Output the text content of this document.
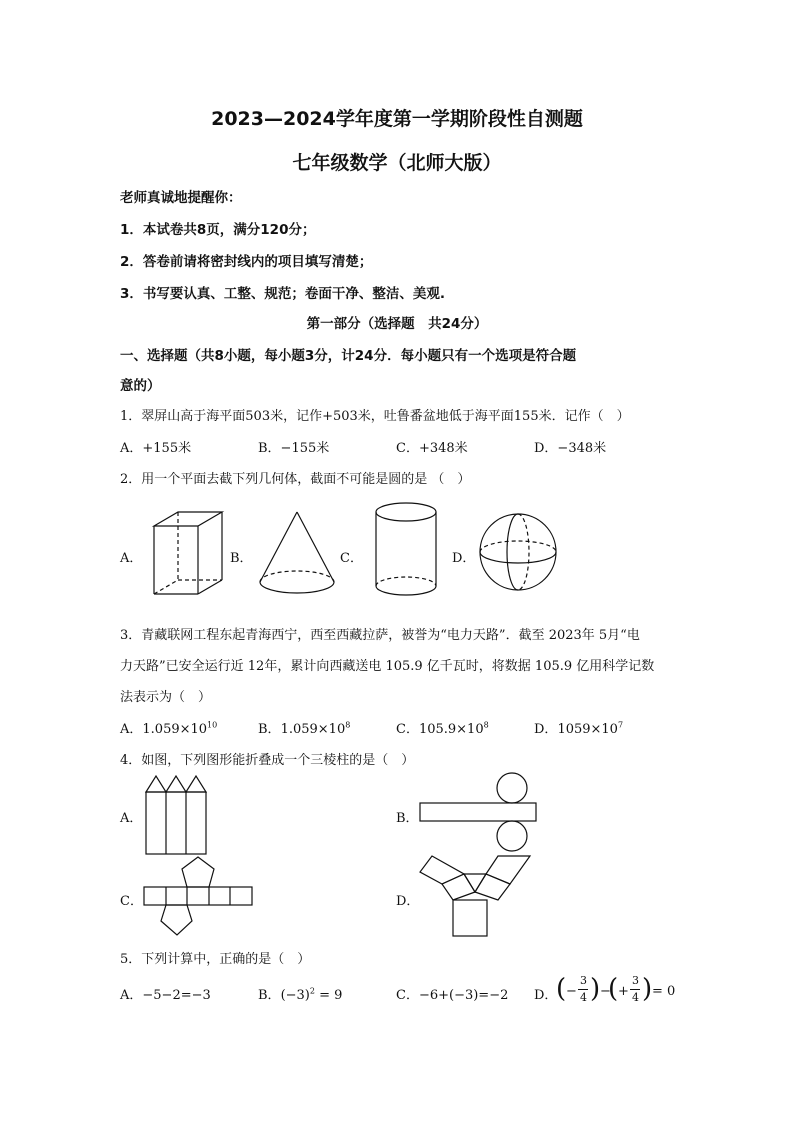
2023—2024学年度第一学期阶段性自测题
七年级数学（北师大版）
老师真诚地提醒你：
1．本试卷共8页，满分120分；
2．答卷前请将密封线内的项目填写清楚；
3．书写要认真、工整、规范；卷面干净、整洁、美观.
第一部分（选择题　共24分）
一、选择题（共8小题，每小题3分，计24分．每小题只有一个选项是符合题
意的）
1．翠屏山高于海平面503米，记作+503米，吐鲁番盆地低于海平面155米．记作（　）
A．+155米	B．−155米	C．+348米	D．−348米
2．用一个平面去截下列几何体，截面不可能是圆的是 （　）
A．	B．	C．	D．
3．青藏联网工程东起青海西宁，西至西藏拉萨，被誉为“电力天路”．截至 2023年 5月“电
力天路”已安全运行近 12年，累计向西藏送电 105.9 亿千瓦时，将数据 105.9 亿用科学记数
法表示为（　）
A．$1.059\times 10^{10}$	B．$1.059\times 10^8$	C．$105.9\times 10^8$	D．$1059\times 10^7$
4．如图，下列图形能折叠成一个三棱柱的是（　）
A．	B．
C．	D．
5．下列计算中，正确的是（　）
A．−5−2=−3	B．$(-3)^2 = 9$	C．−6+(−3)=−2 D．
( −
3
4 ) −
( +
3
4 ) = 0
